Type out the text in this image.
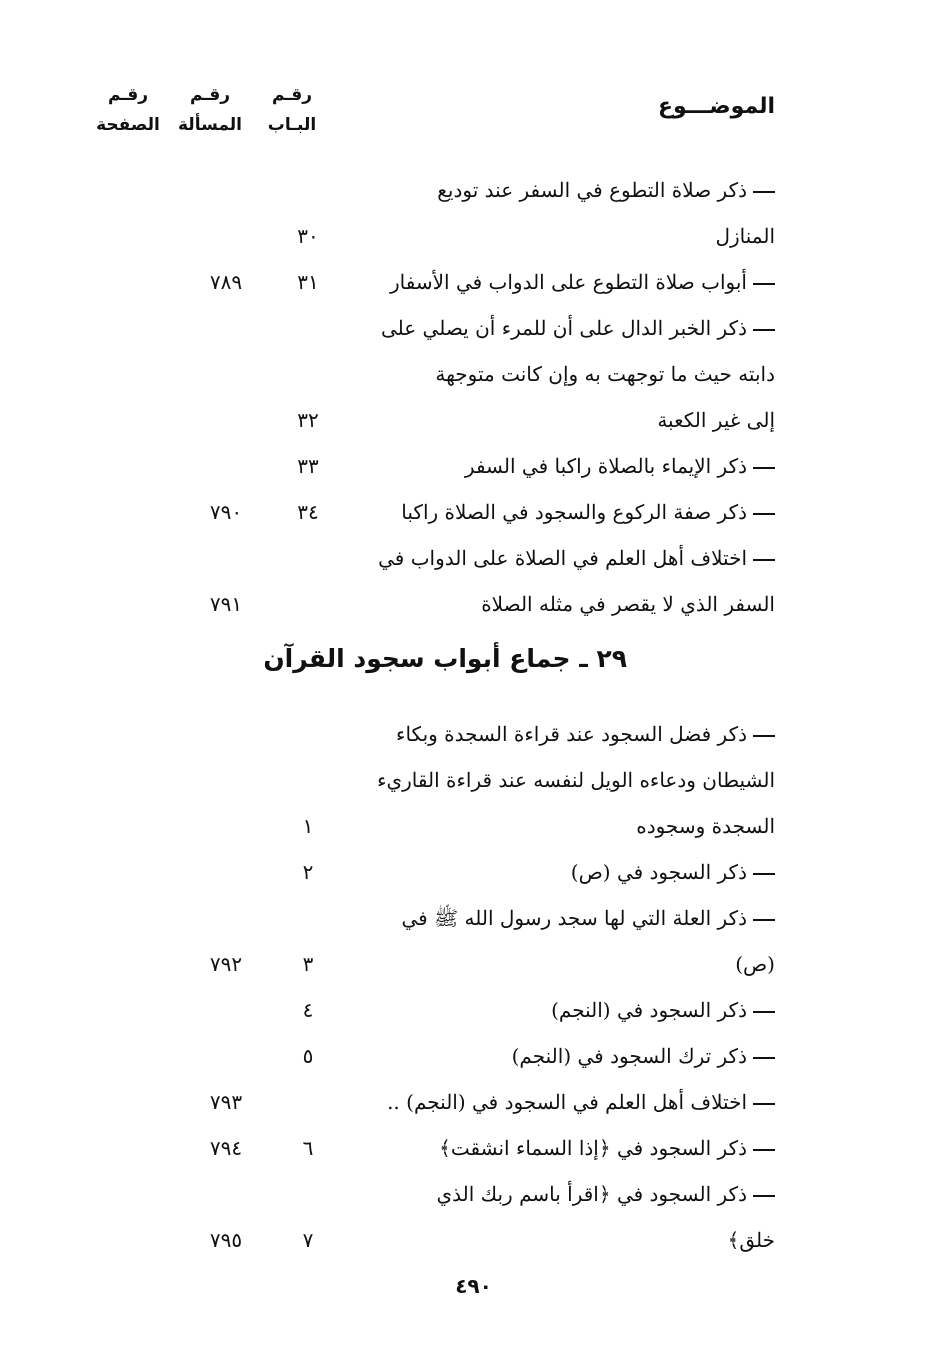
الموضـــوع
رقـم
البـاب
رقـم
المسألة
رقـم
الصفحة
ذكر صلاة التطوع في السفر عند توديع
المنازل
٣٠
أبواب صلاة التطوع على الدواب في الأسفار
٣١
٧٨٩
ذكر الخبر الدال على أن للمرء أن يصلي على
دابته حيث ما توجهت به وإن كانت متوجهة
إلى غير الكعبة
٣٢
ذكر الإيماء بالصلاة راكبا في السفر
٣٣
ذكر صفة الركوع والسجود في الصلاة راكبا
٣٤
٧٩٠
اختلاف أهل العلم في الصلاة على الدواب في
السفر الذي لا يقصر في مثله الصلاة
٧٩١
٢٩ ـ جماع أبواب سجود القرآن
ذكر فضل السجود عند قراءة السجدة وبكاء
الشيطان ودعاءه الويل لنفسه عند قراءة القاريء
السجدة وسجوده
١
ذكر السجود في (ص)
٢
ذكر العلة التي لها سجد رسول الله ﷺ في
(ص)
٣
٧٩٢
ذكر السجود في (النجم)
٤
ذكر ترك السجود في (النجم)
٥
اختلاف أهل العلم في السجود في (النجم) ..
٧٩٣
ذكر السجود في ﴿إذا السماء انشقت﴾
٦
٧٩٤
ذكر السجود في ﴿اقرأ باسم ربك الذي
خلق﴾
٧
٧٩٥
٤٩٠
